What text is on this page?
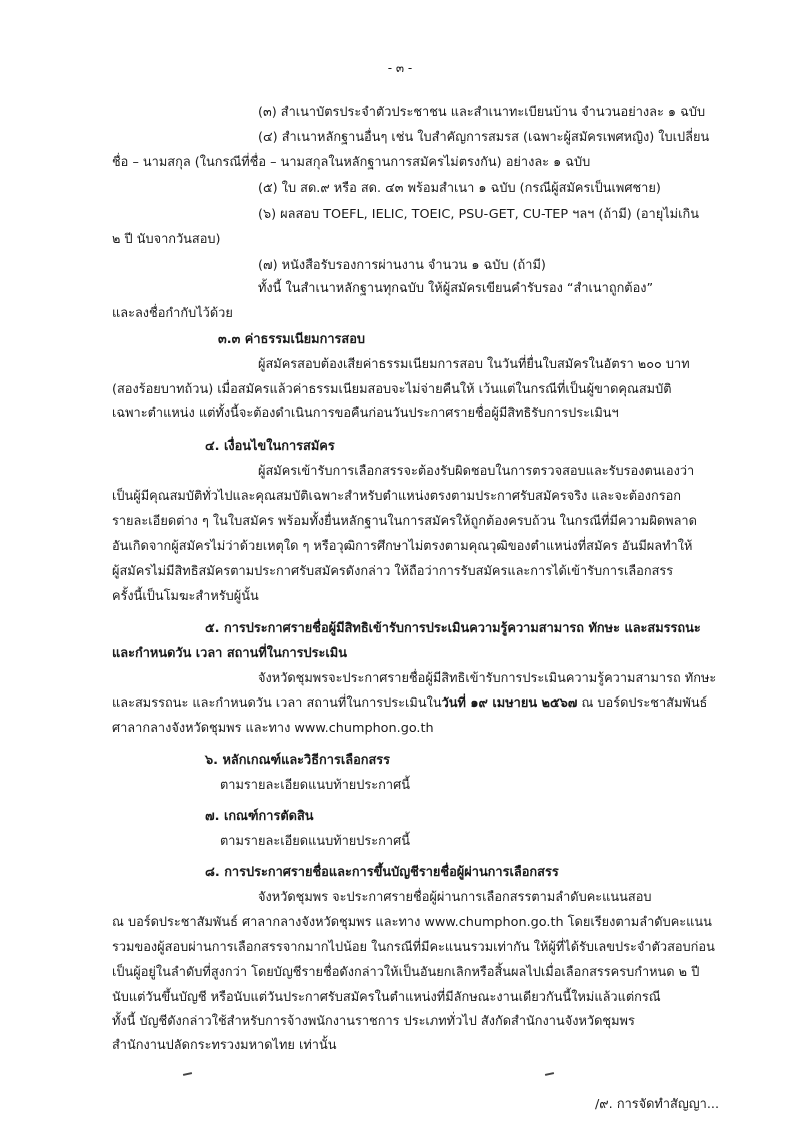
- ๓ -
(๓) สำเนาบัตรประจำตัวประชาชน และสำเนาทะเบียนบ้าน จำนวนอย่างละ ๑ ฉบับ
(๔) สำเนาหลักฐานอื่นๆ เช่น ใบสำคัญการสมรส (เฉพาะผู้สมัครเพศหญิง) ใบเปลี่ยน
ชื่อ – นามสกุล (ในกรณีที่ชื่อ – นามสกุลในหลักฐานการสมัครไม่ตรงกัน) อย่างละ ๑ ฉบับ
(๕) ใบ สด.๙ หรือ สด. ๔๓ พร้อมสำเนา ๑ ฉบับ (กรณีผู้สมัครเป็นเพศชาย)
(๖) ผลสอบ TOEFL, IELIC, TOEIC, PSU-GET, CU-TEP ฯลฯ (ถ้ามี) (อายุไม่เกิน
๒ ปี นับจากวันสอบ)
(๗) หนังสือรับรองการผ่านงาน จำนวน ๑ ฉบับ (ถ้ามี)
ทั้งนี้ ในสำเนาหลักฐานทุกฉบับ ให้ผู้สมัครเขียนคำรับรอง “สำเนาถูกต้อง”
และลงชื่อกำกับไว้ด้วย
๓.๓ ค่าธรรมเนียมการสอบ
ผู้สมัครสอบต้องเสียค่าธรรมเนียมการสอบ ในวันที่ยื่นใบสมัครในอัตรา ๒๐๐ บาท
(สองร้อยบาทถ้วน) เมื่อสมัครแล้วค่าธรรมเนียมสอบจะไม่จ่ายคืนให้ เว้นแต่ในกรณีที่เป็นผู้ขาดคุณสมบัติ
เฉพาะตำแหน่ง แต่ทั้งนี้จะต้องดำเนินการขอคืนก่อนวันประกาศรายชื่อผู้มีสิทธิรับการประเมินฯ
๔. เงื่อนไขในการสมัคร
ผู้สมัครเข้ารับการเลือกสรรจะต้องรับผิดชอบในการตรวจสอบและรับรองตนเองว่า
เป็นผู้มีคุณสมบัติทั่วไปและคุณสมบัติเฉพาะสำหรับตำแหน่งตรงตามประกาศรับสมัครจริง และจะต้องกรอก
รายละเอียดต่าง ๆ ในใบสมัคร พร้อมทั้งยื่นหลักฐานในการสมัครให้ถูกต้องครบถ้วน ในกรณีที่มีความผิดพลาด
อันเกิดจากผู้สมัครไม่ว่าด้วยเหตุใด ๆ หรือวุฒิการศึกษาไม่ตรงตามคุณวุฒิของตำแหน่งที่สมัคร อันมีผลทำให้
ผู้สมัครไม่มีสิทธิสมัครตามประกาศรับสมัครดังกล่าว ให้ถือว่าการรับสมัครและการได้เข้ารับการเลือกสรร
ครั้งนี้เป็นโมฆะสำหรับผู้นั้น
๕. การประกาศรายชื่อผู้มีสิทธิเข้ารับการประเมินความรู้ความสามารถ ทักษะ และสมรรถนะ
และกำหนดวัน เวลา สถานที่ในการประเมิน
จังหวัดชุมพรจะประกาศรายชื่อผู้มีสิทธิเข้ารับการประเมินความรู้ความสามารถ ทักษะ
และสมรรถนะ และกำหนดวัน เวลา สถานที่ในการประเมินในวันที่ ๑๙ เมษายน ๒๕๖๗ ณ บอร์ดประชาสัมพันธ์
ศาลากลางจังหวัดชุมพร และทาง www.chumphon.go.th
๖. หลักเกณฑ์และวิธีการเลือกสรร
ตามรายละเอียดแนบท้ายประกาศนี้
๗. เกณฑ์การตัดสิน
ตามรายละเอียดแนบท้ายประกาศนี้
๘. การประกาศรายชื่อและการขึ้นบัญชีรายชื่อผู้ผ่านการเลือกสรร
จังหวัดชุมพร จะประกาศรายชื่อผู้ผ่านการเลือกสรรตามลำดับคะแนนสอบ
ณ บอร์ดประชาสัมพันธ์ ศาลากลางจังหวัดชุมพร และทาง www.chumphon.go.th โดยเรียงตามลำดับคะแนน
รวมของผู้สอบผ่านการเลือกสรรจากมากไปน้อย ในกรณีที่มีคะแนนรวมเท่ากัน ให้ผู้ที่ได้รับเลขประจำตัวสอบก่อน
เป็นผู้อยู่ในลำดับที่สูงกว่า โดยบัญชีรายชื่อดังกล่าวให้เป็นอันยกเลิกหรือสิ้นผลไปเมื่อเลือกสรรครบกำหนด ๒ ปี
นับแต่วันขึ้นบัญชี หรือนับแต่วันประกาศรับสมัครในตำแหน่งที่มีลักษณะงานเดียวกันนี้ใหม่แล้วแต่กรณี
ทั้งนี้ บัญชีดังกล่าวใช้สำหรับการจ้างพนักงานราชการ ประเภททั่วไป สังกัดสำนักงานจังหวัดชุมพร
สำนักงานปลัดกระทรวงมหาดไทย เท่านั้น
/๙. การจัดทำสัญญา...
